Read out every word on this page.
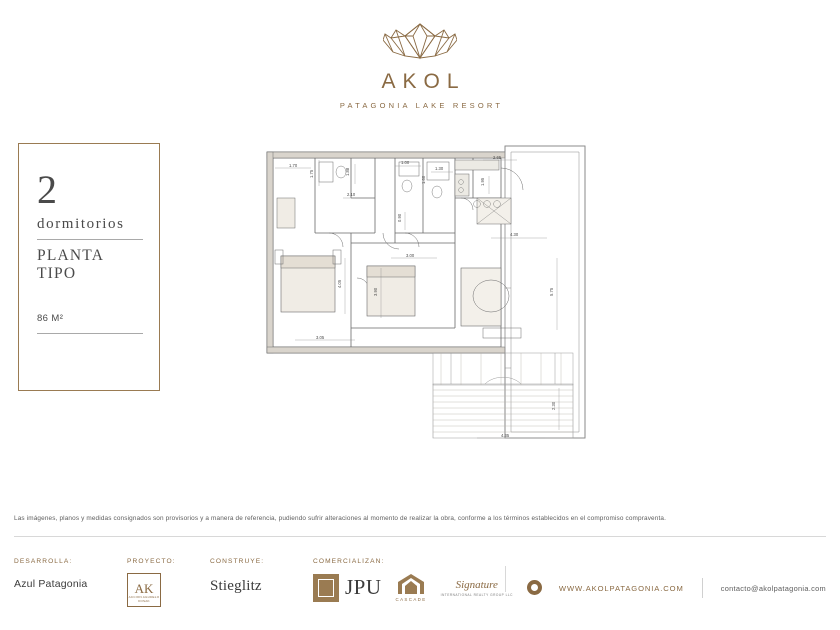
AKOL
PATAGONIA LAKE RESORT
2
dormitorios
PLANTA TIPO
86 M²
1.70
1.75	1.88
2.10
1.00
1.30
1.60
2.65
1.95
0.90
4.30
3.00
3.90
4.05
5.75
3.05
2.30
4.35
Las imágenes, planos y medidas consignados son provisorios y a manera de referencia, pudiendo sufrir alteraciones al momento de realizar la obra, conforme a los términos establecidos en el compromiso compraventa.
DESARROLLA:
Azul Patagonia
PROYECTO:
AK
ACCION AGUDELO KOSAK
CONSTRUYE:
Stieglitz
COMERCIALIZAN:
JPU
CASCADE
Signature
INTERNATIONAL REALTY GROUP LLC
WWW.AKOLPATAGONIA.COM	contacto@akolpatagonia.com
